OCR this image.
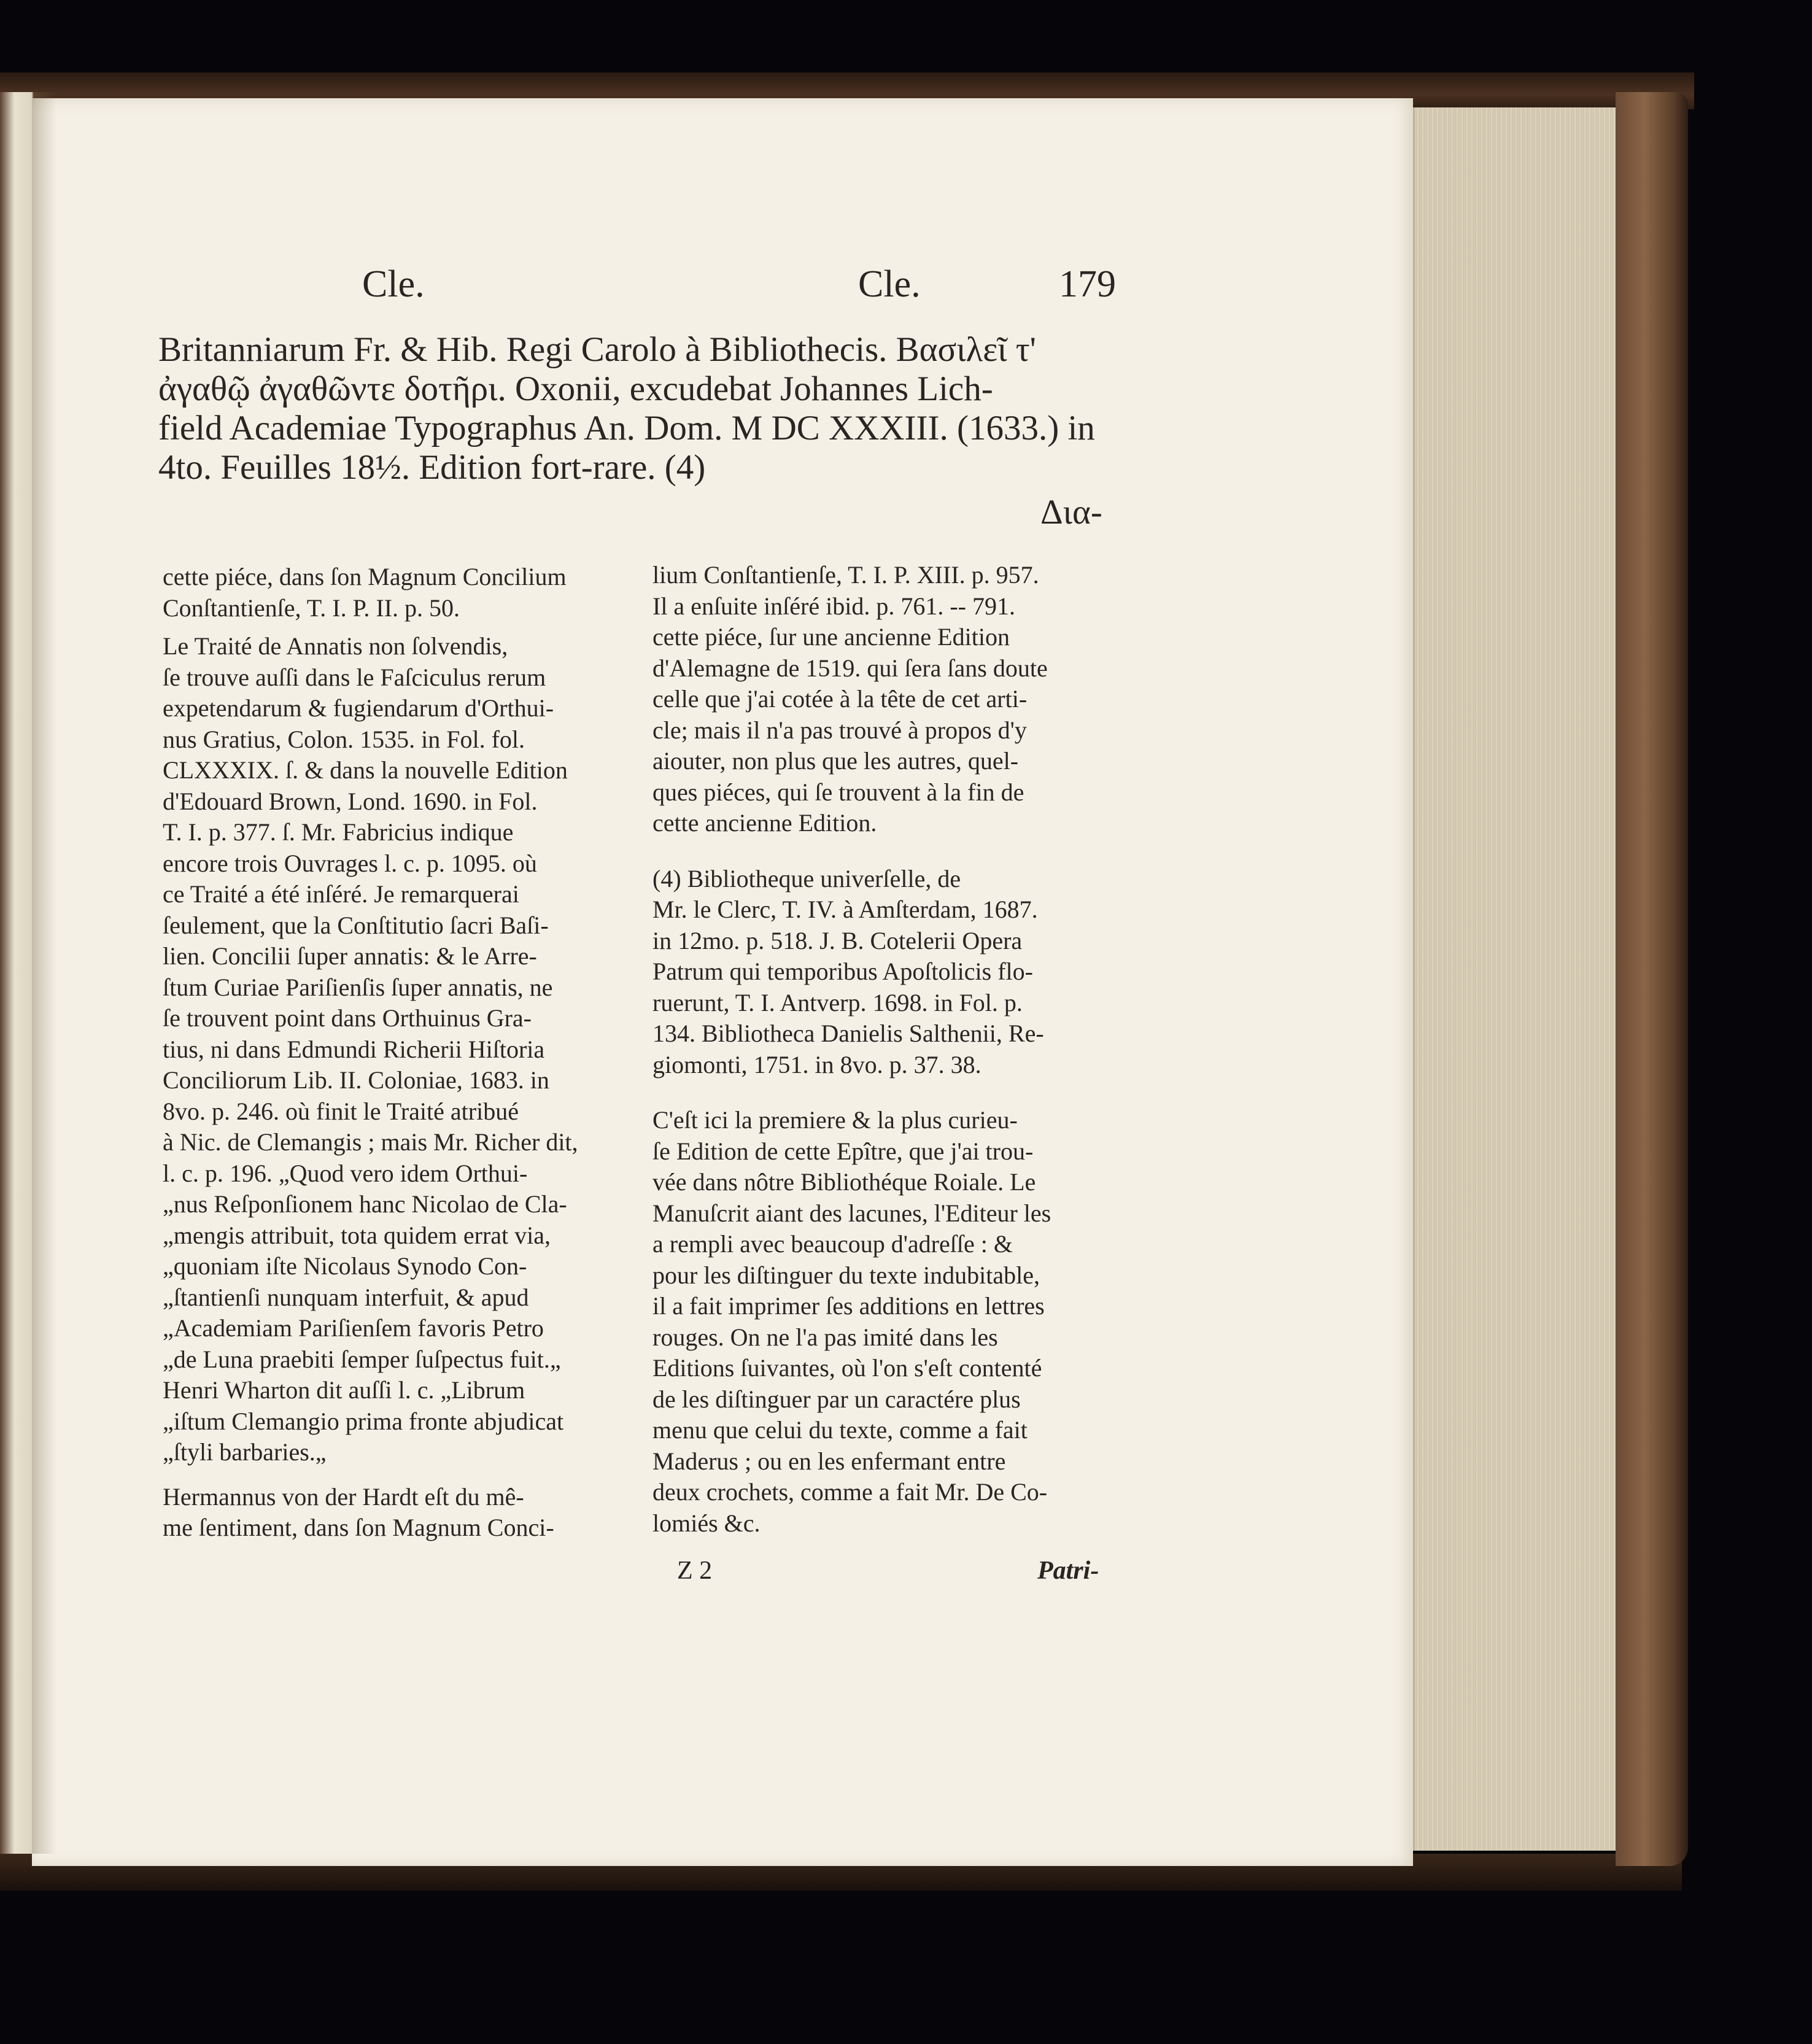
Cle.	Cle.	179
Britanniarum Fr. & Hib. Regi Carolo à Bibliothecis. Βασιλεῖ τ'
ἀγαθῷ ἀγαθῶντε δοτῆρι. Oxonii, excudebat Johannes Lich-
field Academiae Typographus An. Dom. M DC XXXIII. (1633.) in
4to. Feuilles 18½. Edition fort-rare. (4)
Δια-
cette piéce, dans ſon Magnum Concilium
Conſtantienſe, T. I. P. II. p. 50.
Le Traité de Annatis non ſolvendis,
ſe trouve auſſi dans le Faſciculus rerum
expetendarum & fugiendarum d'Orthui-
nus Gratius, Colon. 1535. in Fol. fol.
CLXXXIX. ſ. & dans la nouvelle Edition
d'Edouard Brown, Lond. 1690. in Fol.
T. I. p. 377. ſ. Mr. Fabricius indique
encore trois Ouvrages l. c. p. 1095. où
ce Traité a été inſéré. Je remarquerai
ſeulement, que la Conſtitutio ſacri Baſi-
lien. Concilii ſuper annatis: & le Arre-
ſtum Curiae Pariſienſis ſuper annatis, ne
ſe trouvent point dans Orthuinus Gra-
tius, ni dans Edmundi Richerii Hiſtoria
Conciliorum Lib. II. Coloniae, 1683. in
8vo. p. 246. où finit le Traité atribué
à Nic. de Clemangis ; mais Mr. Richer dit,
l. c. p. 196. „Quod vero idem Orthui-
„nus Reſponſionem hanc Nicolao de Cla-
„mengis attribuit, tota quidem errat via,
„quoniam iſte Nicolaus Synodo Con-
„ſtantienſi nunquam interfuit, & apud
„Academiam Pariſienſem favoris Petro
„de Luna praebiti ſemper ſuſpectus fuit.„
Henri Wharton dit auſſi l. c. „Librum
„iſtum Clemangio prima fronte abjudicat
„ſtyli barbaries.„
Hermannus von der Hardt eſt du mê-
me ſentiment, dans ſon Magnum Conci-
lium Conſtantienſe, T. I. P. XIII. p. 957.
Il a enſuite inſéré ibid. p. 761. -- 791.
cette piéce, ſur une ancienne Edition
d'Alemagne de 1519. qui ſera ſans doute
celle que j'ai cotée à la tête de cet arti-
cle; mais il n'a pas trouvé à propos d'y
aiouter, non plus que les autres, quel-
ques piéces, qui ſe trouvent à la fin de
cette ancienne Edition.
(4) Bibliotheque univerſelle, de
Mr. le Clerc, T. IV. à Amſterdam, 1687.
in 12mo. p. 518. J. B. Cotelerii Opera
Patrum qui temporibus Apoſtolicis flo-
ruerunt, T. I. Antverp. 1698. in Fol. p.
134. Bibliotheca Danielis Salthenii, Re-
giomonti, 1751. in 8vo. p. 37. 38.
C'eſt ici la premiere & la plus curieu-
ſe Edition de cette Epître, que j'ai trou-
vée dans nôtre Bibliothéque Roiale. Le
Manuſcrit aiant des lacunes, l'Editeur les
a rempli avec beaucoup d'adreſſe : &
pour les diſtinguer du texte indubitable,
il a fait imprimer ſes additions en lettres
rouges. On ne l'a pas imité dans les
Editions ſuivantes, où l'on s'eſt contenté
de les diſtinguer par un caractére plus
menu que celui du texte, comme a fait
Maderus ; ou en les enfermant entre
deux crochets, comme a fait Mr. De Co-
lomiés &c.
Z 2	Patri-
